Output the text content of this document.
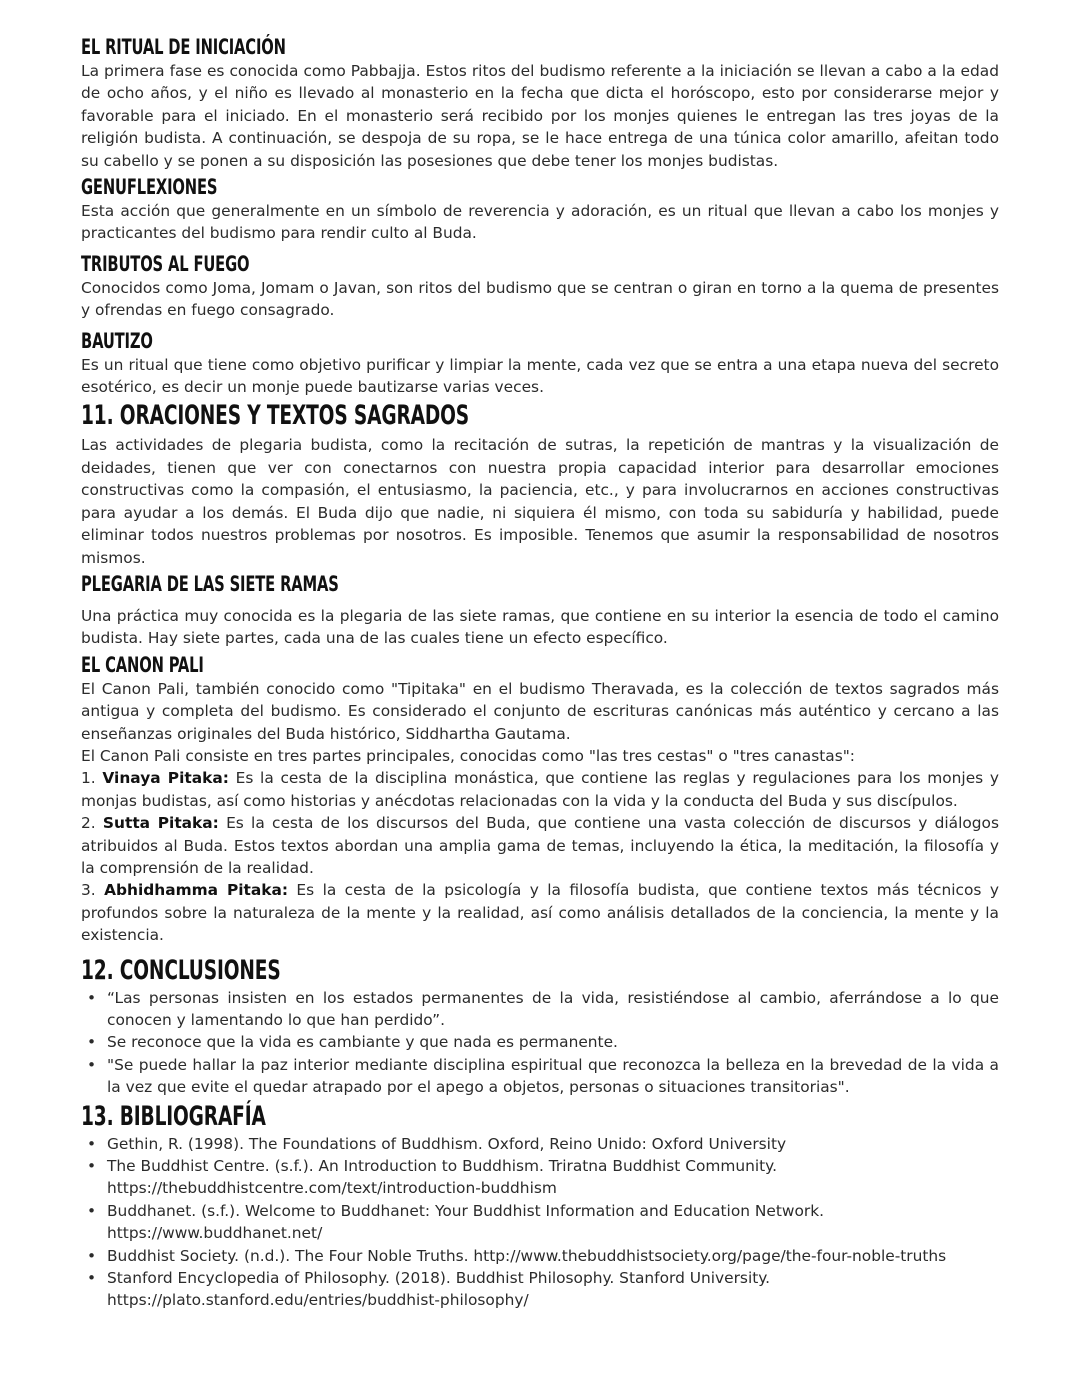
EL RITUAL DE INICIACIÓN

La primera fase es conocida como Pabbajja. Estos ritos del budismo referente a la iniciación se llevan a cabo a la edad de ocho años, y el niño es llevado al monasterio en la fecha que dicta el horóscopo, esto por considerarse mejor y favorable para el iniciado. En el monasterio será recibido por los monjes quienes le entregan las tres joyas de la religión budista. A continuación, se despoja de su ropa, se le hace entrega de una túnica color amarillo, afeitan todo su cabello y se ponen a su disposición las posesiones que debe tener los monjes budistas.

GENUFLEXIONES

Esta acción que generalmente en un símbolo de reverencia y adoración, es un ritual que llevan a cabo los monjes y practicantes del budismo para rendir culto al Buda.

TRIBUTOS AL FUEGO

Conocidos como Joma, Jomam o Javan, son ritos del budismo que se centran o giran en torno a la quema de presentes y ofrendas en fuego consagrado.

BAUTIZO

Es un ritual que tiene como objetivo purificar y limpiar la mente, cada vez que se entra a una etapa nueva del secreto esotérico, es decir un monje puede bautizarse varias veces.

11. ORACIONES Y TEXTOS SAGRADOS

Las actividades de plegaria budista, como la recitación de sutras, la repetición de mantras y la visualización de deidades, tienen que ver con conectarnos con nuestra propia capacidad interior para desarrollar emociones constructivas como la compasión, el entusiasmo, la paciencia, etc., y para involucrarnos en acciones constructivas para ayudar a los demás. El Buda dijo que nadie, ni siquiera él mismo, con toda su sabiduría y habilidad, puede eliminar todos nuestros problemas por nosotros. Es imposible. Tenemos que asumir la responsabilidad de nosotros mismos.

PLEGARIA DE LAS SIETE RAMAS

Una práctica muy conocida es la plegaria de las siete ramas, que contiene en su interior la esencia de todo el camino budista. Hay siete partes, cada una de las cuales tiene un efecto específico.

EL CANON PALI

El Canon Pali, también conocido como "Tipitaka" en el budismo Theravada, es la colección de textos sagrados más antigua y completa del budismo. Es considerado el conjunto de escrituras canónicas más auténtico y cercano a las enseñanzas originales del Buda histórico, Siddhartha Gautama.

El Canon Pali consiste en tres partes principales, conocidas como "las tres cestas" o "tres canastas":

1. Vinaya Pitaka: Es la cesta de la disciplina monástica, que contiene las reglas y regulaciones para los monjes y monjas budistas, así como historias y anécdotas relacionadas con la vida y la conducta del Buda y sus discípulos.

2. Sutta Pitaka: Es la cesta de los discursos del Buda, que contiene una vasta colección de discursos y diálogos atribuidos al Buda. Estos textos abordan una amplia gama de temas, incluyendo la ética, la meditación, la filosofía y la comprensión de la realidad.

3. Abhidhamma Pitaka: Es la cesta de la psicología y la filosofía budista, que contiene textos más técnicos y profundos sobre la naturaleza de la mente y la realidad, así como análisis detallados de la conciencia, la mente y la existencia.

12. CONCLUSIONES
• “Las personas insisten en los estados permanentes de la vida, resistiéndose al cambio, aferrándose a lo que conocen y lamentando lo que han perdido”.
• Se reconoce que la vida es cambiante y que nada es permanente.
• "Se puede hallar la paz interior mediante disciplina espiritual que reconozca la belleza en la brevedad de la vida a la vez que evite el quedar atrapado por el apego a objetos, personas o situaciones transitorias".
13. BIBLIOGRAFÍA
• Gethin, R. (1998). The Foundations of Buddhism. Oxford, Reino Unido: Oxford University
• The Buddhist Centre. (s.f.). An Introduction to Buddhism. Triratna Buddhist Community.
https://thebuddhistcentre.com/text/introduction-buddhism
• Buddhanet. (s.f.). Welcome to Buddhanet: Your Buddhist Information and Education Network.
https://www.buddhanet.net/
• Buddhist Society. (n.d.). The Four Noble Truths. http://www.thebuddhistsociety.org/page/the-four-noble-truths
• Stanford Encyclopedia of Philosophy. (2018). Buddhist Philosophy. Stanford University.
https://plato.stanford.edu/entries/buddhist-philosophy/
